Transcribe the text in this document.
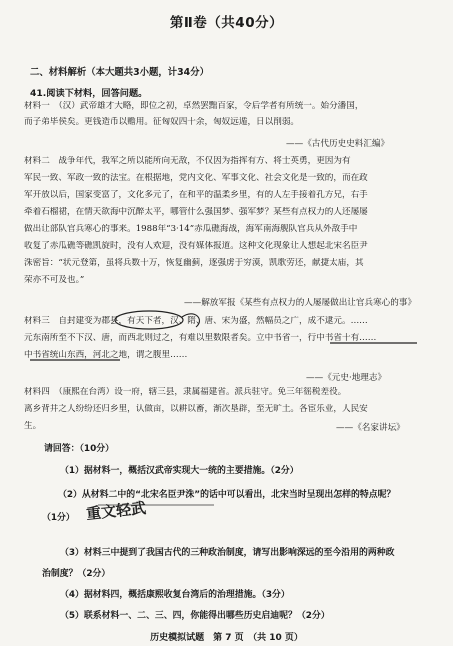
第Ⅱ卷（共40分）
二、材料解析（本大题共3小题，计34分）
41.阅读下材料，回答问题。
材料一　（汉）武帝雄才大略，即位之初，卓然罢黜百家，令后学者有所统一。始分潘国，
而子弟毕侯矣。更钱造币以赡用。征匈奴四十余，匈奴远遁，日以削弱。
——《古代历史史料汇编》
材料二　战争年代，我军之所以能所向无敌，不仅因为指挥有方、将士英勇，更因为有
军民一致、军政一致的法宝。在根据地，党内文化、军事文化、社会文化是一致的，而在政
军开放以后，国家变富了，文化多元了，在和平的温柔乡里，有的人左手接着孔方兄，右手
牵着石榴裙，在情天欲海中沉醉太平，哪管什么强国梦、强军梦？某些有点权力的人还屡屡
做出让部队官兵寒心的事来。1988年“3·14”赤瓜礁海战，海军南海舰队官兵从外敌手中
收复了赤瓜礁等礁凯旋时，没有人欢迎，没有媒体报道。这种文化现象让人想起北宋名臣尹
洙密旨：“状元登第，虽将兵数十万，恢复幽蓟，逐强虏于穷漠，凯歌劳还，献捷太庙，其
荣亦不可及也。”
——解放军报《某些有点权力的人屡屡做出让官兵寒心的事》
材料三　自封建变为郡县，有天下者，汉、隋、唐、宋为盛，然幅员之广，成不逮元。……
元东南所至不下汉、唐，而西北则过之，有难以里数限者矣。立中书省一，行中书省十有……
中书省统山东西，河北之地，谓之腹里……
——《元史·地理志》
材料四　（康熙在台湾）设一府，辖三县，隶属福建省。派兵驻守。免三年徭税差役。
离乡背井之人纷纷还归乡里，认做亩，以耕以畜，渐次垦辟，至无旷土。各宦乐业，人民安
生。	——《名家讲坛》
请回答：（10分）
（1）据材料一，概括汉武帝实现大一统的主要措施。（2分）
（2）从材料二中的“北宋名臣尹洙”的话中可以看出，北宋当时呈现出怎样的特点呢？
（1分）
（3）材料三中提到了我国古代的三种政治制度，请写出影响深远的至今沿用的两种政
治制度？（2分）
（4）据材料四，概括康熙收复台湾后的治理措施。（3分）
（5）联系材料一、二、三、四，你能得出哪些历史启迪呢？（2分）
重文轻武
历史模拟试题　第 7 页　（共 10 页）
